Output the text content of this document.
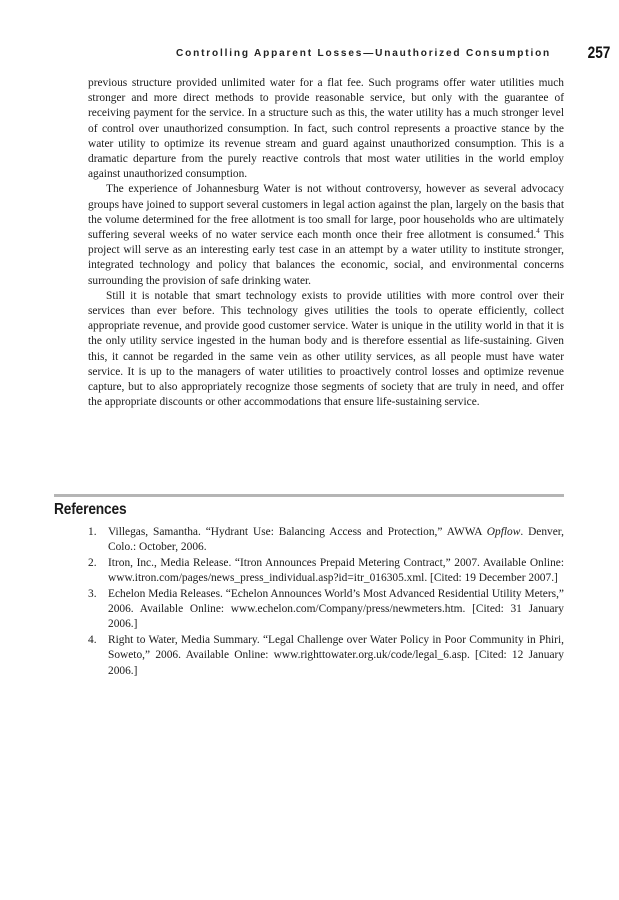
Controlling Apparent Losses—Unauthorized Consumption 257

previous structure provided unlimited water for a flat fee. Such programs offer water utilities much stronger and more direct methods to provide reasonable service, but only with the guarantee of receiving payment for the service. In a structure such as this, the water utility has a much stronger level of control over unauthorized consumption. In fact, such control represents a proactive stance by the water utility to optimize its revenue stream and guard against unauthorized consumption. This is a dramatic departure from the purely reactive controls that most water utilities in the world employ against unauthorized consumption.

The experience of Johannesburg Water is not without controversy, however as several advocacy groups have joined to support several customers in legal action against the plan, largely on the basis that the volume determined for the free allotment is too small for large, poor households who are ultimately suffering several weeks of no water service each month once their free allotment is consumed.$^4$ This project will serve as an interesting early test case in an attempt by a water utility to institute stronger, integrated technology and policy that balances the economic, social, and environmental concerns surrounding the provision of safe drinking water.

Still it is notable that smart technology exists to provide utilities with more control over their services than ever before. This technology gives utilities the tools to operate efficiently, collect appropriate revenue, and provide good customer service. Water is unique in the utility world in that it is the only utility service ingested in the human body and is therefore essential as life-sustaining. Given this, it cannot be regarded in the same vein as other utility services, as all people must have water service. It is up to the managers of water utilities to proactively control losses and optimize revenue capture, but to also appropriately recognize those segments of society that are truly in need, and offer the appropriate discounts or other accommodations that ensure life-sustaining service.

References
1. Villegas, Samantha. “Hydrant Use: Balancing Access and Protection,” AWWA Opflow. Denver, Colo.: October, 2006.
2. Itron, Inc., Media Release. “Itron Announces Prepaid Metering Contract,” 2007. Available Online: www.itron.com/pages/news_press_individual.asp?id=itr_016305.xml. [Cited: 19 December 2007.]
3. Echelon Media Releases. “Echelon Announces World’s Most Advanced Residential Utility Meters,” 2006. Available Online: www.echelon.com/Company/press/newmeters.htm. [Cited: 31 January 2006.]
4. Right to Water, Media Summary. “Legal Challenge over Water Policy in Poor Community in Phiri, Soweto,” 2006. Available Online: www.righttowater.org.uk/code/legal_6.asp. [Cited: 12 January 2006.]
